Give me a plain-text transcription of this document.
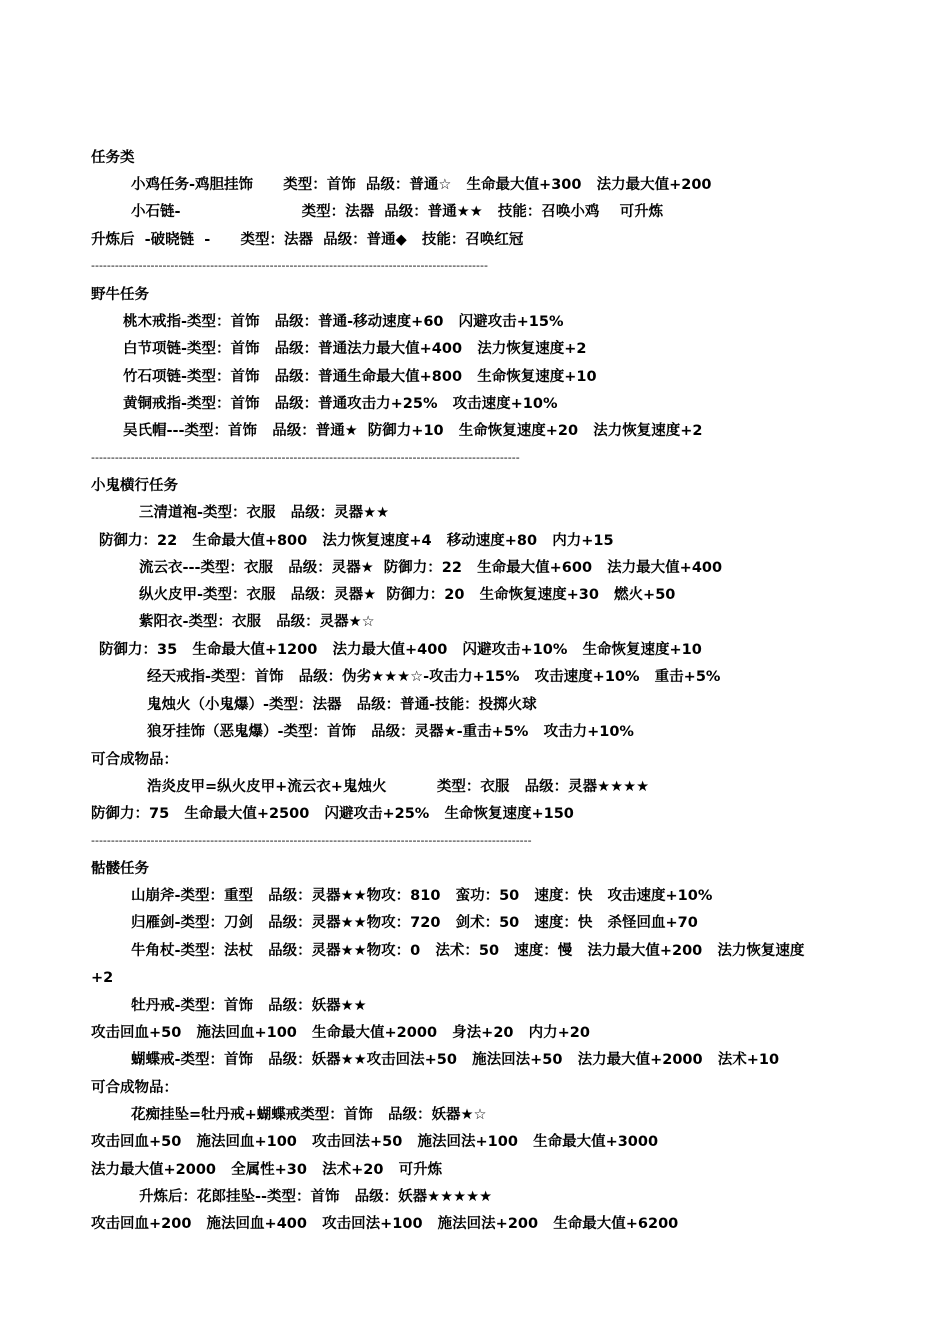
任务类
小鸡任务-鸡胆挂饰      类型：首饰  品级：普通☆   生命最大值+300   法力最大值+200
小石链-                        类型：法器  品级：普通★★   技能：召唤小鸡    可升炼
升炼后  -破晓链  -      类型：法器  品级：普通◆   技能：召唤红冠
----------------------------------------------------------------------------------------------------
野牛任务
桃木戒指-类型：首饰   品级：普通-移动速度+60   闪避攻击+15%
白节项链-类型：首饰   品级：普通法力最大值+400   法力恢复速度+2
竹石项链-类型：首饰   品级：普通生命最大值+800   生命恢复速度+10
黄铜戒指-类型：首饰   品级：普通攻击力+25%   攻击速度+10%
吴氏帽---类型：首饰   品级：普通★  防御力+10   生命恢复速度+20   法力恢复速度+2
------------------------------------------------------------------------------------------------------------
小鬼横行任务
三清道袍-类型：衣服   品级：灵器★★
防御力：22   生命最大值+800   法力恢复速度+4   移动速度+80   内力+15
流云衣---类型：衣服   品级：灵器★  防御力：22   生命最大值+600   法力最大值+400
纵火皮甲-类型：衣服   品级：灵器★  防御力：20   生命恢复速度+30   燃火+50
紫阳衣-类型：衣服   品级：灵器★☆
防御力：35   生命最大值+1200   法力最大值+400   闪避攻击+10%   生命恢复速度+10
经天戒指-类型：首饰   品级：伪劣★★★☆-攻击力+15%   攻击速度+10%   重击+5%
鬼烛火（小鬼爆）-类型：法器   品级：普通-技能：投掷火球
狼牙挂饰（恶鬼爆）-类型：首饰   品级：灵器★-重击+5%   攻击力+10%
可合成物品：
浩炎皮甲=纵火皮甲+流云衣+鬼烛火          类型：衣服   品级：灵器★★★★
防御力：75   生命最大值+2500   闪避攻击+25%   生命恢复速度+150
---------------------------------------------------------------------------------------------------------------
骷髅任务
山崩斧-类型：重型   品级：灵器★★物攻：810   蛮功：50   速度：快   攻击速度+10%
归雁剑-类型：刀剑   品级：灵器★★物攻：720   剑术：50   速度：快   杀怪回血+70
牛角杖-类型：法杖   品级：灵器★★物攻：0   法术：50   速度：慢   法力最大值+200   法力恢复速度
+2
牡丹戒-类型：首饰   品级：妖器★★
攻击回血+50   施法回血+100   生命最大值+2000   身法+20   内力+20
蝴蝶戒-类型：首饰   品级：妖器★★攻击回法+50   施法回法+50   法力最大值+2000   法术+10
可合成物品：
花痴挂坠=牡丹戒+蝴蝶戒类型：首饰   品级：妖器★☆
攻击回血+50   施法回血+100   攻击回法+50   施法回法+100   生命最大值+3000
法力最大值+2000   全属性+30   法术+20   可升炼
升炼后：花郎挂坠--类型：首饰   品级：妖器★★★★★
攻击回血+200   施法回血+400   攻击回法+100   施法回法+200   生命最大值+6200
